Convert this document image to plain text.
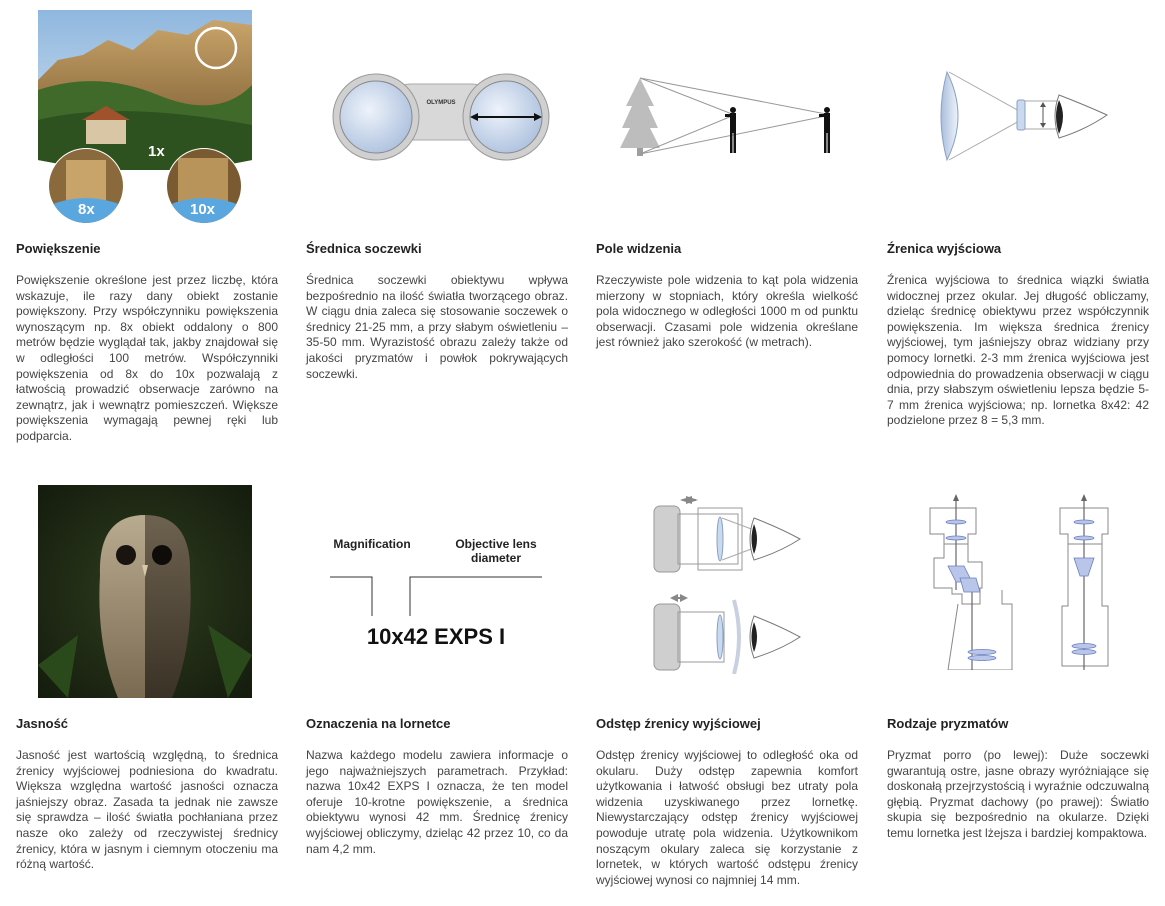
1x
8x	10x
OLYMPUS
Powiększenie

Powiększenie określone jest przez liczbę, która wskazuje, ile razy dany obiekt zostanie powiększony. Przy współczynniku powiększenia wynoszącym np. 8x obiekt oddalony o 800 metrów będzie wyglądał tak, jakby znajdował się w odległości 100 metrów. Współczynniki powiększenia od 8x do 10x pozwalają z łatwością prowadzić obserwacje zarówno na zewnątrz, jak i wewnątrz pomieszczeń. Większe powiększenia wymagają pewnej ręki lub podparcia.

Średnica soczewki

Średnica soczewki obiektywu wpływa bezpośrednio na ilość światła tworzącego obraz. W ciągu dnia zaleca się stosowanie soczewek o średnicy 21-25 mm, a przy słabym oświetleniu – 35-50 mm. Wyrazistość obrazu zależy także od jakości pryzmatów i powłok pokrywających soczewki.

Pole widzenia

Rzeczywiste pole widzenia to kąt pola widzenia mierzony w stopniach, który określa wielkość pola widocznego w odległości 1000 m od punktu obserwacji. Czasami pole widzenia określane jest również jako szerokość (w metrach).

Źrenica wyjściowa

Źrenica wyjściowa to średnica wiązki światła widocznej przez okular. Jej długość obliczamy, dzieląc średnicę obiektywu przez współczynnik powiększenia. Im większa średnica źrenicy wyjściowej, tym jaśniejszy obraz widziany przy pomocy lornetki. 2-3 mm źrenica wyjściowa jest odpowiednia do prowadzenia obserwacji w ciągu dnia, przy słabszym oświetleniu lepsza będzie 5-7 mm źrenica wyjściowa; np. lornetka 8x42: 42 podzielone przez 8 = 5,3 mm.

Magnification	Objective lens diameter
10x42 EXPS I
Jasność

Jasność jest wartością względną, to średnica źrenicy wyjściowej podniesiona do kwadratu. Większa względna wartość jasności oznacza jaśniejszy obraz. Zasada ta jednak nie zawsze się sprawdza – ilość światła pochłaniana przez nasze oko zależy od rzeczywistej średnicy źrenicy, która w jasnym i ciemnym otoczeniu ma różną wartość.

Oznaczenia na lornetce

Nazwa każdego modelu zawiera informacje o jego najważniejszych parametrach. Przykład: nazwa 10x42 EXPS I oznacza, że ten model oferuje 10-krotne powiększenie, a średnica obiektywu wynosi 42 mm. Średnicę źrenicy wyjściowej obliczymy, dzieląc 42 przez 10, co da nam 4,2 mm.

Odstęp źrenicy wyjściowej

Odstęp źrenicy wyjściowej to odległość oka od okularu. Duży odstęp zapewnia komfort użytkowania i łatwość obsługi bez utraty pola widzenia uzyskiwanego przez lornetkę. Niewystarczający odstęp źrenicy wyjściowej powoduje utratę pola widzenia. Użytkownikom noszącym okulary zaleca się korzystanie z lornetek, w których wartość odstępu źrenicy wyjściowej wynosi co najmniej 14 mm.

Rodzaje pryzmatów

Pryzmat porro (po lewej): Duże soczewki gwarantują ostre, jasne obrazy wyróżniające się doskonałą przejrzystością i wyraźnie odczuwalną głębią. Pryzmat dachowy (po prawej): Światło skupia się bezpośrednio na okularze. Dzięki temu lornetka jest lżejsza i bardziej kompaktowa.
